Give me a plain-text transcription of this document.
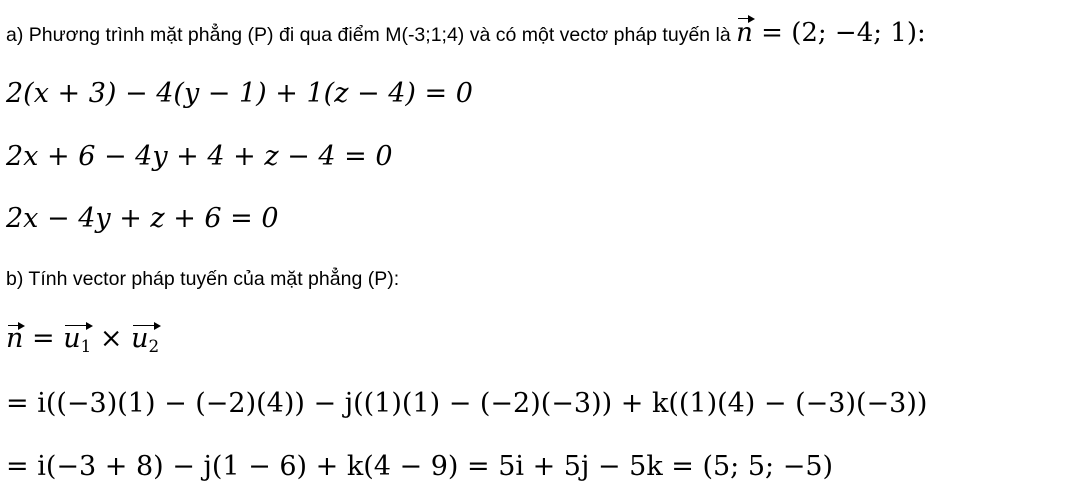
a) Phương trình mặt phẳng (P) đi qua điểm M(-3;1;4) và có một vectơ pháp tuyến là n = (2; −4; 1):
2(x + 3) − 4(y − 1) + 1(z − 4) = 0
2x + 6 − 4y + 4 + z − 4 = 0
2x − 4y + z + 6 = 0
b) Tính vector pháp tuyến của mặt phẳng (P):
n
= $u_1$
× $u_2$
= i((−3)(1) − (−2)(4)) − j((1)(1) − (−2)(−3)) + k((1)(4) − (−3)(−3))
= i(−3 + 8) − j(1 − 6) + k(4 − 9) = 5i + 5j − 5k = (5; 5; −5)
